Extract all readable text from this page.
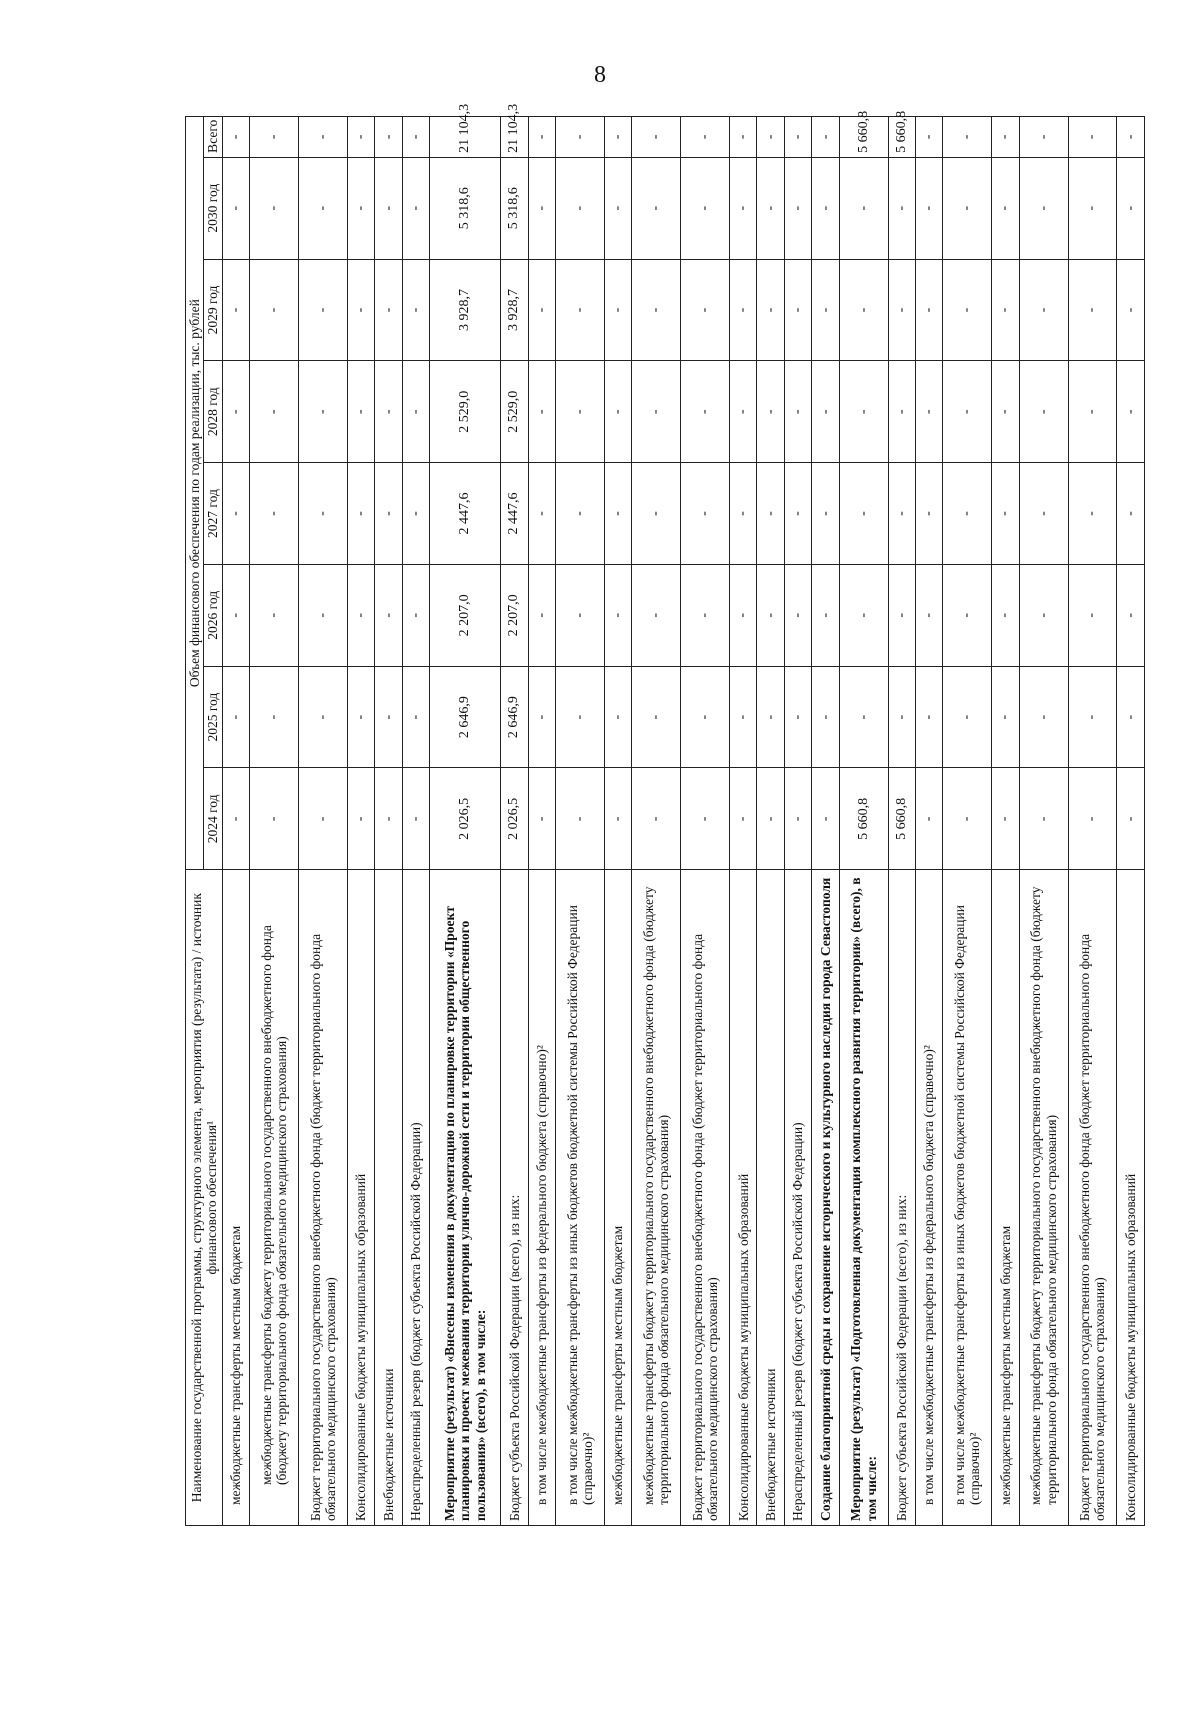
8
Наименование государственной программы, структурного элемента, мероприятия (результата) / источник финансового обеспечения¹	Объем финансового обеспечения по годам реализации, тыс. рублей							
	2024 год	2025 год	2026 год	2027 год	2028 год	2029 год	2030 год	Всего
межбюджетные трансферты местным бюджетам	-	-	-	-	-	-	-	-
межбюджетные трансферты бюджету территориального государственного внебюджетного фонда (бюджету территориального фонда обязательного медицинского страхования)	-	-	-	-	-	-	-	-
Бюджет территориального государственного внебюджетного фонда (бюджет территориального фонда обязательного медицинского страхования)	-	-	-	-	-	-	-	-
Консолидированные бюджеты муниципальных образований	-	-	-	-	-	-	-	-
Внебюджетные источники	-	-	-	-	-	-	-	-
Нераспределенный резерв (бюджет субъекта Российской Федерации)	-	-	-	-	-	-	-	-
Мероприятие (результат) «Внесены изменения в документацию по планировке территории «Проект планировки и проект межевания территории улично-дорожной сети и территории общественного пользования» (всего), в том числе:	2 026,5	2 646,9	2 207,0	2 447,6	2 529,0	3 928,7	5 318,6	21 104,3
Бюджет субъекта Российской Федерации (всего), из них:	2 026,5	2 646,9	2 207,0	2 447,6	2 529,0	3 928,7	5 318,6	21 104,3
в том числе межбюджетные трансферты из федерального бюджета (справочно)²	-	-	-	-	-	-	-	-
в том числе межбюджетные трансферты из иных бюджетов бюджетной системы Российской Федерации (справочно)²	-	-	-	-	-	-	-	-
межбюджетные трансферты местным бюджетам	-	-	-	-	-	-	-	-
межбюджетные трансферты бюджету территориального государственного внебюджетного фонда (бюджету территориального фонда обязательного медицинского страхования)	-	-	-	-	-	-	-	-
Бюджет территориального государственного внебюджетного фонда (бюджет территориального фонда обязательного медицинского страхования)	-	-	-	-	-	-	-	-
Консолидированные бюджеты муниципальных образований	-	-	-	-	-	-	-	-
Внебюджетные источники	-	-	-	-	-	-	-	-
Нераспределенный резерв (бюджет субъекта Российской Федерации)	-	-	-	-	-	-	-	-
Создание благоприятной среды и сохранение исторического и культурного наследия города Севастополя	-	-	-	-	-	-	-	-
Мероприятие (результат) «Подготовленная документация комплексного развития территории» (всего), в том числе:	5 660,8	-	-	-	-	-	-	5 660,8
Бюджет субъекта Российской Федерации (всего), из них:	5 660,8	-	-	-	-	-	-	5 660,8
в том числе межбюджетные трансферты из федерального бюджета (справочно)²	-	-	-	-	-	-	-	-
в том числе межбюджетные трансферты из иных бюджетов бюджетной системы Российской Федерации (справочно)²	-	-	-	-	-	-	-	-
межбюджетные трансферты местным бюджетам	-	-	-	-	-	-	-	-
межбюджетные трансферты бюджету территориального государственного внебюджетного фонда (бюджету территориального фонда обязательного медицинского страхования)	-	-	-	-	-	-	-	-
Бюджет территориального государственного внебюджетного фонда (бюджет территориального фонда обязательного медицинского страхования)	-	-	-	-	-	-	-	-
Консолидированные бюджеты муниципальных образований	-	-	-	-	-	-	-	-
